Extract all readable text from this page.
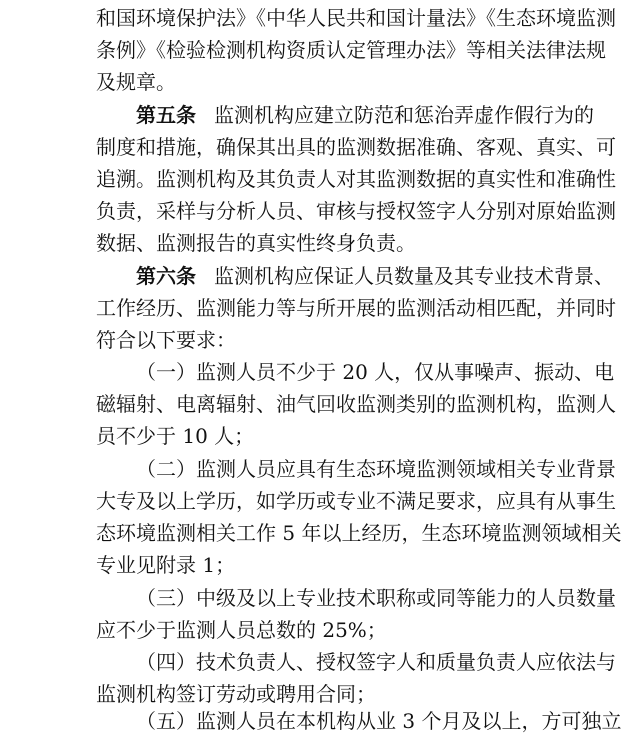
和国环境保护法》《中华人民共和国计量法》《生态环境监测
条例》《检验检测机构资质认定管理办法》等相关法律法规
及规章。
第五条 监测机构应建立防范和惩治弄虚作假行为的
制度和措施，确保其出具的监测数据准确、客观、真实、可
追溯。监测机构及其负责人对其监测数据的真实性和准确性
负责，采样与分析人员、审核与授权签字人分别对原始监测
数据、监测报告的真实性终身负责。
第六条 监测机构应保证人员数量及其专业技术背景、
工作经历、监测能力等与所开展的监测活动相匹配，并同时
符合以下要求：
（一）监测人员不少于 20 人，仅从事噪声、振动、电
磁辐射、电离辐射、油气回收监测类别的监测机构，监测人
员不少于 10 人；
（二）监测人员应具有生态环境监测领域相关专业背景
大专及以上学历，如学历或专业不满足要求，应具有从事生
态环境监测相关工作 5 年以上经历，生态环境监测领域相关
专业见附录 1；
（三）中级及以上专业技术职称或同等能力的人员数量
应不少于监测人员总数的 25%；
（四）技术负责人、授权签字人和质量负责人应依法与
监测机构签订劳动或聘用合同；
（五）监测人员在本机构从业 3 个月及以上，方可独立
